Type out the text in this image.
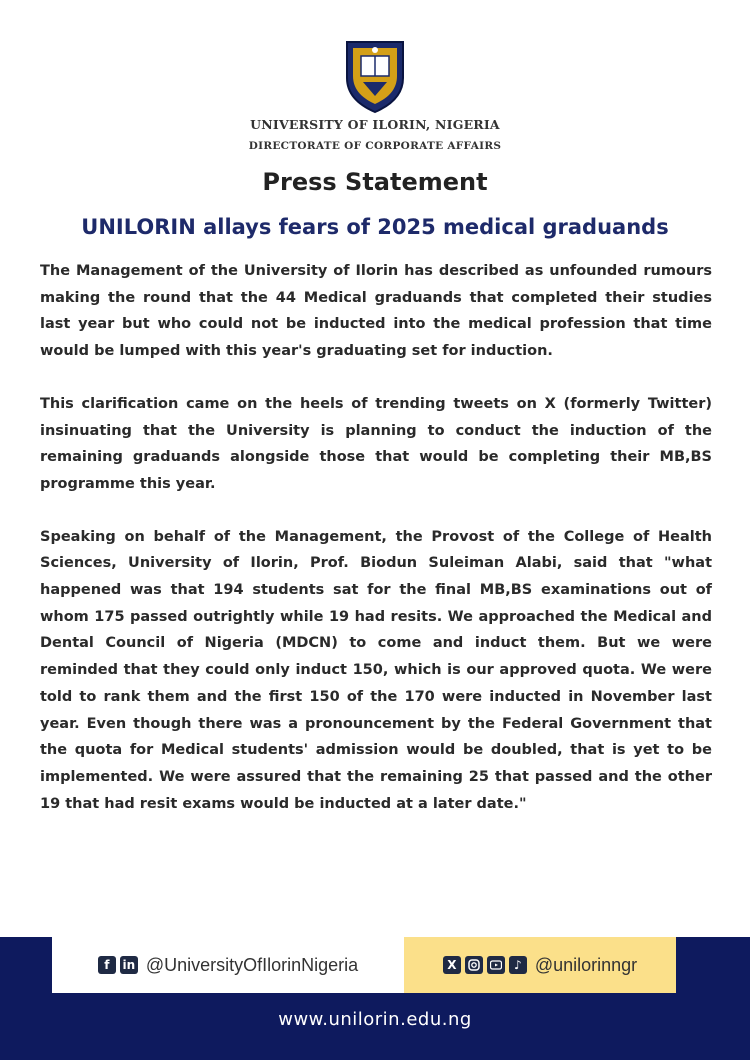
UNIVERSITY OF ILORIN, NIGERIA
DIRECTORATE OF CORPORATE AFFAIRS
Press Statement
UNILORIN allays fears of 2025 medical graduands

The Management of the University of Ilorin has described as unfounded rumours making the round that the 44 Medical graduands that completed their studies last year but who could not be inducted into the medical profession that time would be lumped with this year's graduating set for induction.

This clarification came on the heels of trending tweets on X (formerly Twitter) insinuating that the University is planning to conduct the induction of the remaining graduands alongside those that would be completing their MB,BS programme this year.

Speaking on behalf of the Management, the Provost of the College of Health Sciences, University of Ilorin, Prof. Biodun Suleiman Alabi, said that "what happened was that 194 students sat for the final MB,BS examinations out of whom 175 passed outrightly while 19 had resits. We approached the Medical and Dental Council of Nigeria (MDCN) to come and induct them. But we were reminded that they could only induct 150, which is our approved quota. We were told to rank them and the first 150 of the 170 were inducted in November last year. Even though there was a pronouncement by the Federal Government that the quota for Medical students' admission would be doubled, that is yet to be implemented. We were assured that the remaining 25 that passed and the other 19 that had resit exams would be inducted at a later date."

f	in @UniversityOfIlorinNigeria	X	♪ @unilorinngr
www.unilorin.edu.ng
